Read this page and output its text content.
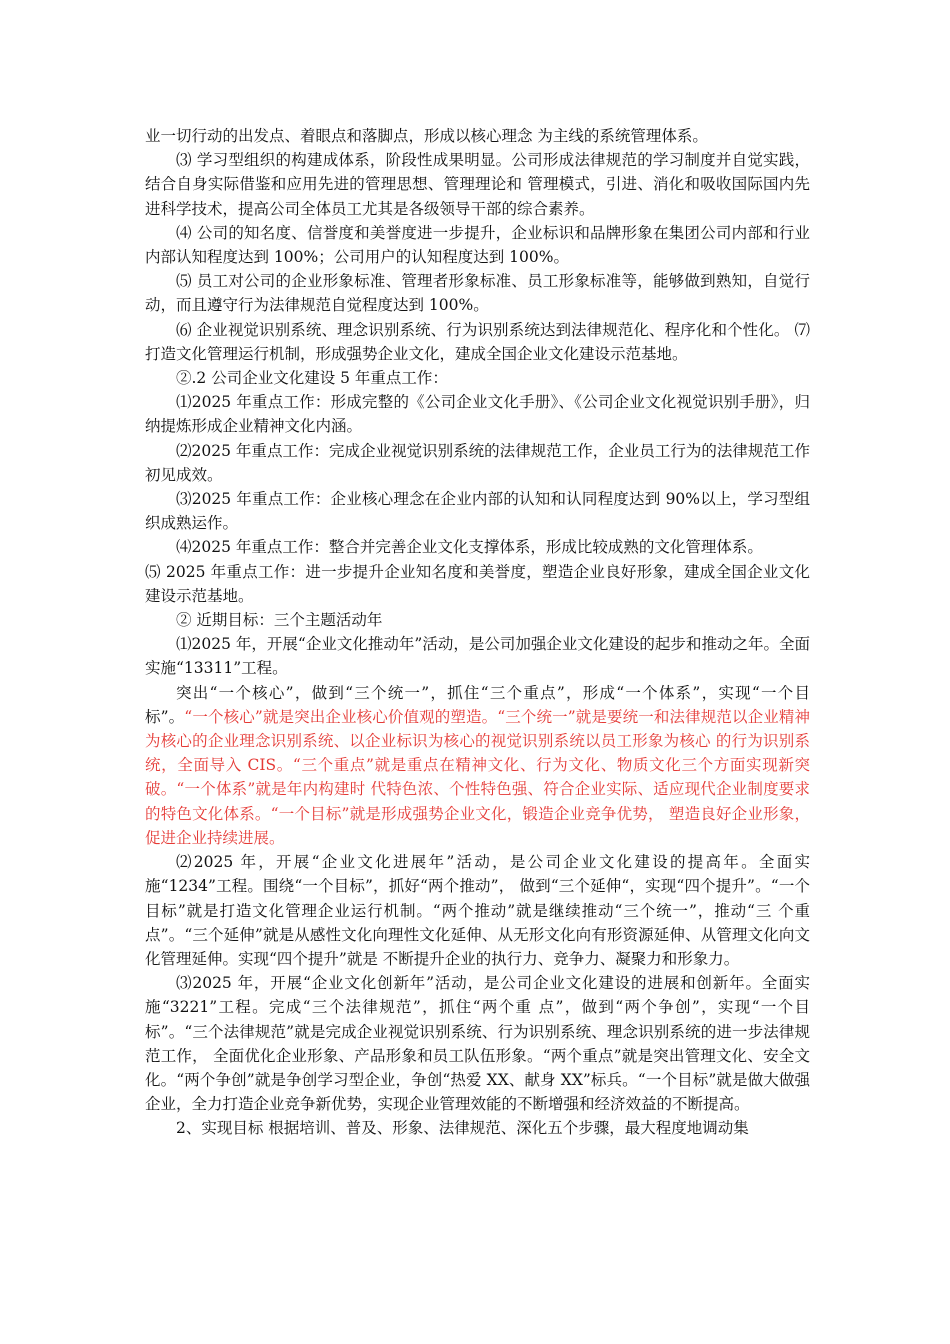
业一切行动的出发点、着眼点和落脚点，形成以核心理念 为主线的系统管理体系。

⑶ 学习型组织的构建成体系，阶段性成果明显。公司形成法律规范的学习制度并自觉实践，结合自身实际借鉴和应用先进的管理思想、管理理论和 管理模式，引进、消化和吸收国际国内先进科学技术，提高公司全体员工尤其是各级领导干部的综合素养。

⑷ 公司的知名度、信誉度和美誉度进一步提升，企业标识和品牌形象在集团公司内部和行业内部认知程度达到 100%；公司用户的认知程度达到 100%。

⑸ 员工对公司的企业形象标准、管理者形象标准、员工形象标准等，能够做到熟知，自觉行动，而且遵守行为法律规范自觉程度达到 100%。

⑹ 企业视觉识别系统、理念识别系统、行为识别系统达到法律规范化、程序化和个性化。 ⑺打造文化管理运行机制，形成强势企业文化，建成全国企业文化建设示范基地。

②.2 公司企业文化建设 5 年重点工作：

⑴2025 年重点工作：形成完整的《公司企业文化手册》、《公司企业文化视觉识别手册》，归纳提炼形成企业精神文化内涵。

⑵2025 年重点工作：完成企业视觉识别系统的法律规范工作，企业员工行为的法律规范工作初见成效。

⑶2025 年重点工作：企业核心理念在企业内部的认知和认同程度达到 90%以上，学习型组织成熟运作。

⑷2025 年重点工作：整合并完善企业文化支撑体系，形成比较成熟的文化管理体系。

⑸ 2025 年重点工作：进一步提升企业知名度和美誉度，塑造企业良好形象，建成全国企业文化建设示范基地。

② 近期目标：三个主题活动年

⑴2025 年，开展“企业文化推动年”活动，是公司加强企业文化建设的起步和推动之年。全面实施“13311”工程。

突出“一个核心”，做到“三个统一”，抓住“三个重点”，形成“一个体系”，实现“一个目标”。“一个核心”就是突出企业核心价值观的塑造。“三个统一”就是要统一和法律规范以企业精神为核心的企业理念识别系统、以企业标识为核心的视觉识别系统以员工形象为核心 的行为识别系统，全面导入 CIS。“三个重点”就是重点在精神文化、行为文化、物质文化三个方面实现新突破。“一个体系”就是年内构建时 代特色浓、个性特色强、符合企业实际、适应现代企业制度要求的特色文化体系。“一个目标”就是形成强势企业文化，锻造企业竞争优势， 塑造良好企业形象，促进企业持续进展。

⑵2025 年，开展“企业文化进展年”活动，是公司企业文化建设的提高年。全面实施“1234”工程。围绕“一个目标”，抓好“两个推动”， 做到“三个延伸“，实现“四个提升”。“一个目标”就是打造文化管理企业运行机制。“两个推动”就是继续推动“三个统一”，推动“三 个重点”。“三个延伸”就是从感性文化向理性文化延伸、从无形文化向有形资源延伸、从管理文化向文化管理延伸。实现“四个提升”就是 不断提升企业的执行力、竞争力、凝聚力和形象力。

⑶2025 年，开展“企业文化创新年”活动，是公司企业文化建设的进展和创新年。全面实施“3221”工程。完成“三个法律规范”，抓住“两个重 点”，做到“两个争创”，实现“一个目标”。“三个法律规范”就是完成企业视觉识别系统、行为识别系统、理念识别系统的进一步法律规范工作， 全面优化企业形象、产品形象和员工队伍形象。“两个重点”就是突出管理文化、安全文化。“两个争创”就是争创学习型企业，争创“热爱 XX、献身 XX”标兵。“一个目标”就是做大做强企业，全力打造企业竞争新优势，实现企业管理效能的不断增强和经济效益的不断提高。

2、实现目标 根据培训、普及、形象、法律规范、深化五个步骤，最大程度地调动集
